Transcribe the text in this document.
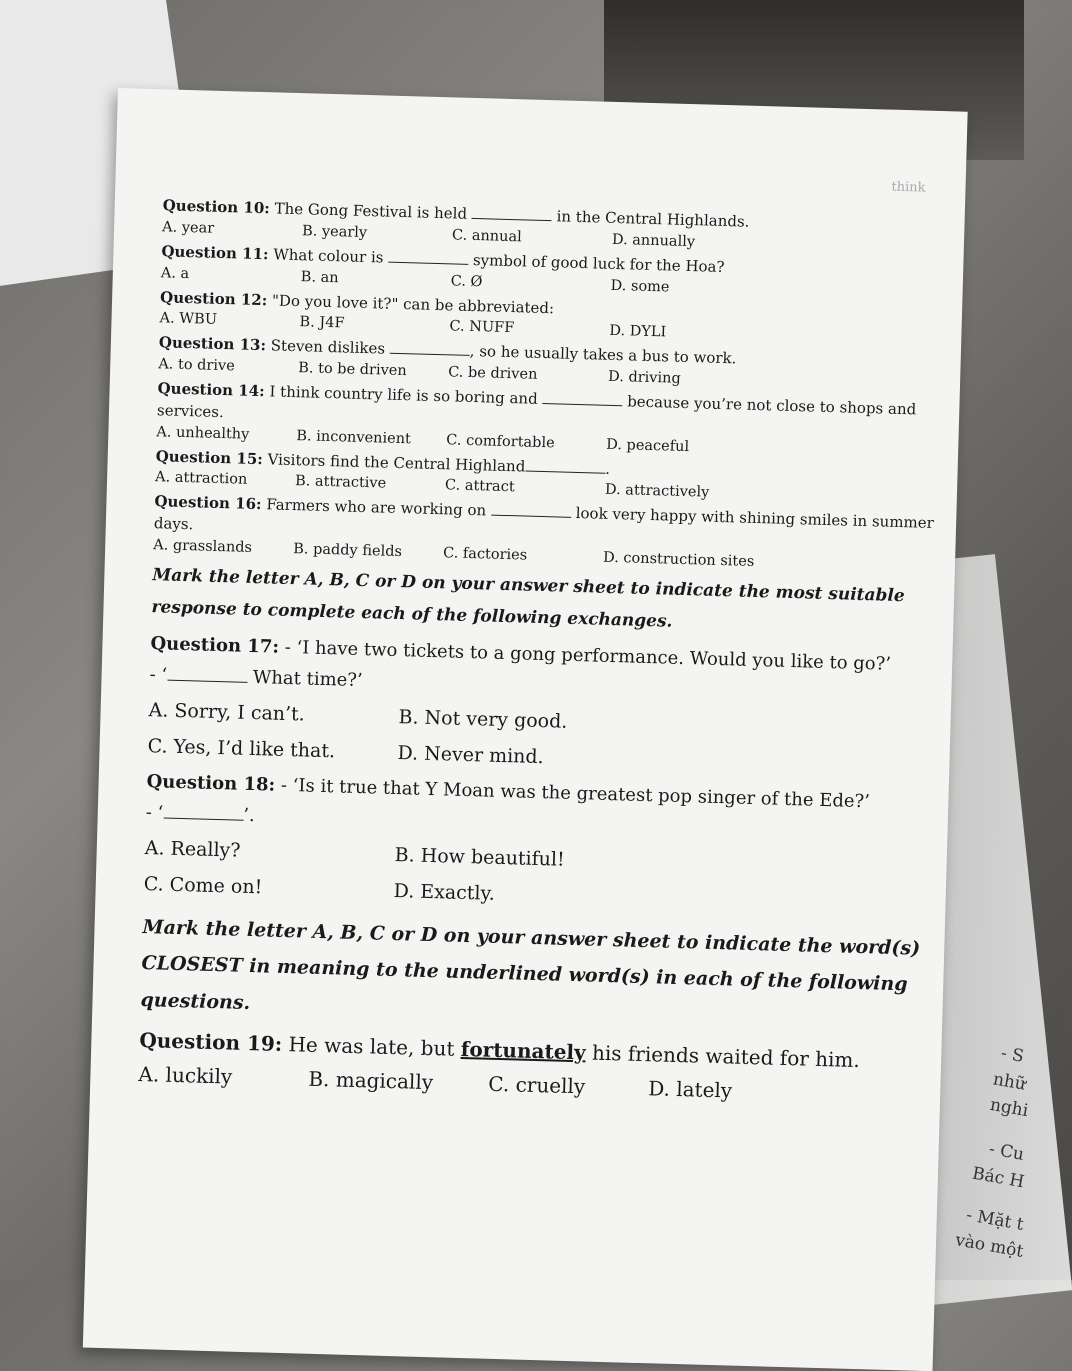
- S
nhữ
nghi
- Cu
Bác H
- Mặt t
vào một
think
Question 10: The Gong Festival is held	in the Central Highlands.
A. year	B. yearly	C. annual	D. annually
Question 11: What colour is	symbol of good luck for the Hoa?
A. a	B. an	C. Ø	D. some
Question 12: "Do you love it?" can be abbreviated:
A. WBU	B. J4F	C. NUFF	D. DYLI
Question 13: Steven dislikes	, so he usually takes a bus to work.
A. to drive	B. to be driven	C. be driven	D. driving
Question 14: I think country life is so boring and	because you’re not close to shops and services.
A. unhealthy	B. inconvenient	C. comfortable	D. peaceful
Question 15: Visitors find the Central Highland	.
A. attraction	B. attractive	C. attract	D. attractively
Question 16: Farmers who are working on	look very happy with shining smiles in summer days.
A. grasslands	B. paddy fields	C. factories	D. construction sites
Mark the letter A, B, C or D on your answer sheet to indicate the most suitable response to complete each of the following exchanges.
Question 17: - ‘I have two tickets to a gong performance. Would you like to go?’
- ‘	What time?’
A. Sorry, I can’t.	B. Not very good.
C. Yes, I’d like that.	D. Never mind.
Question 18: - ‘Is it true that Y Moan was the greatest pop singer of the Ede?’
- ‘	’.
A. Really?	B. How beautiful!
C. Come on!	D. Exactly.
Mark the letter A, B, C or D on your answer sheet to indicate the word(s) CLOSEST in meaning to the underlined word(s) in each of the following questions.
Question 19: He was late, but fortunately his friends waited for him.
A. luckily	B. magically	C. cruelly	D. lately
